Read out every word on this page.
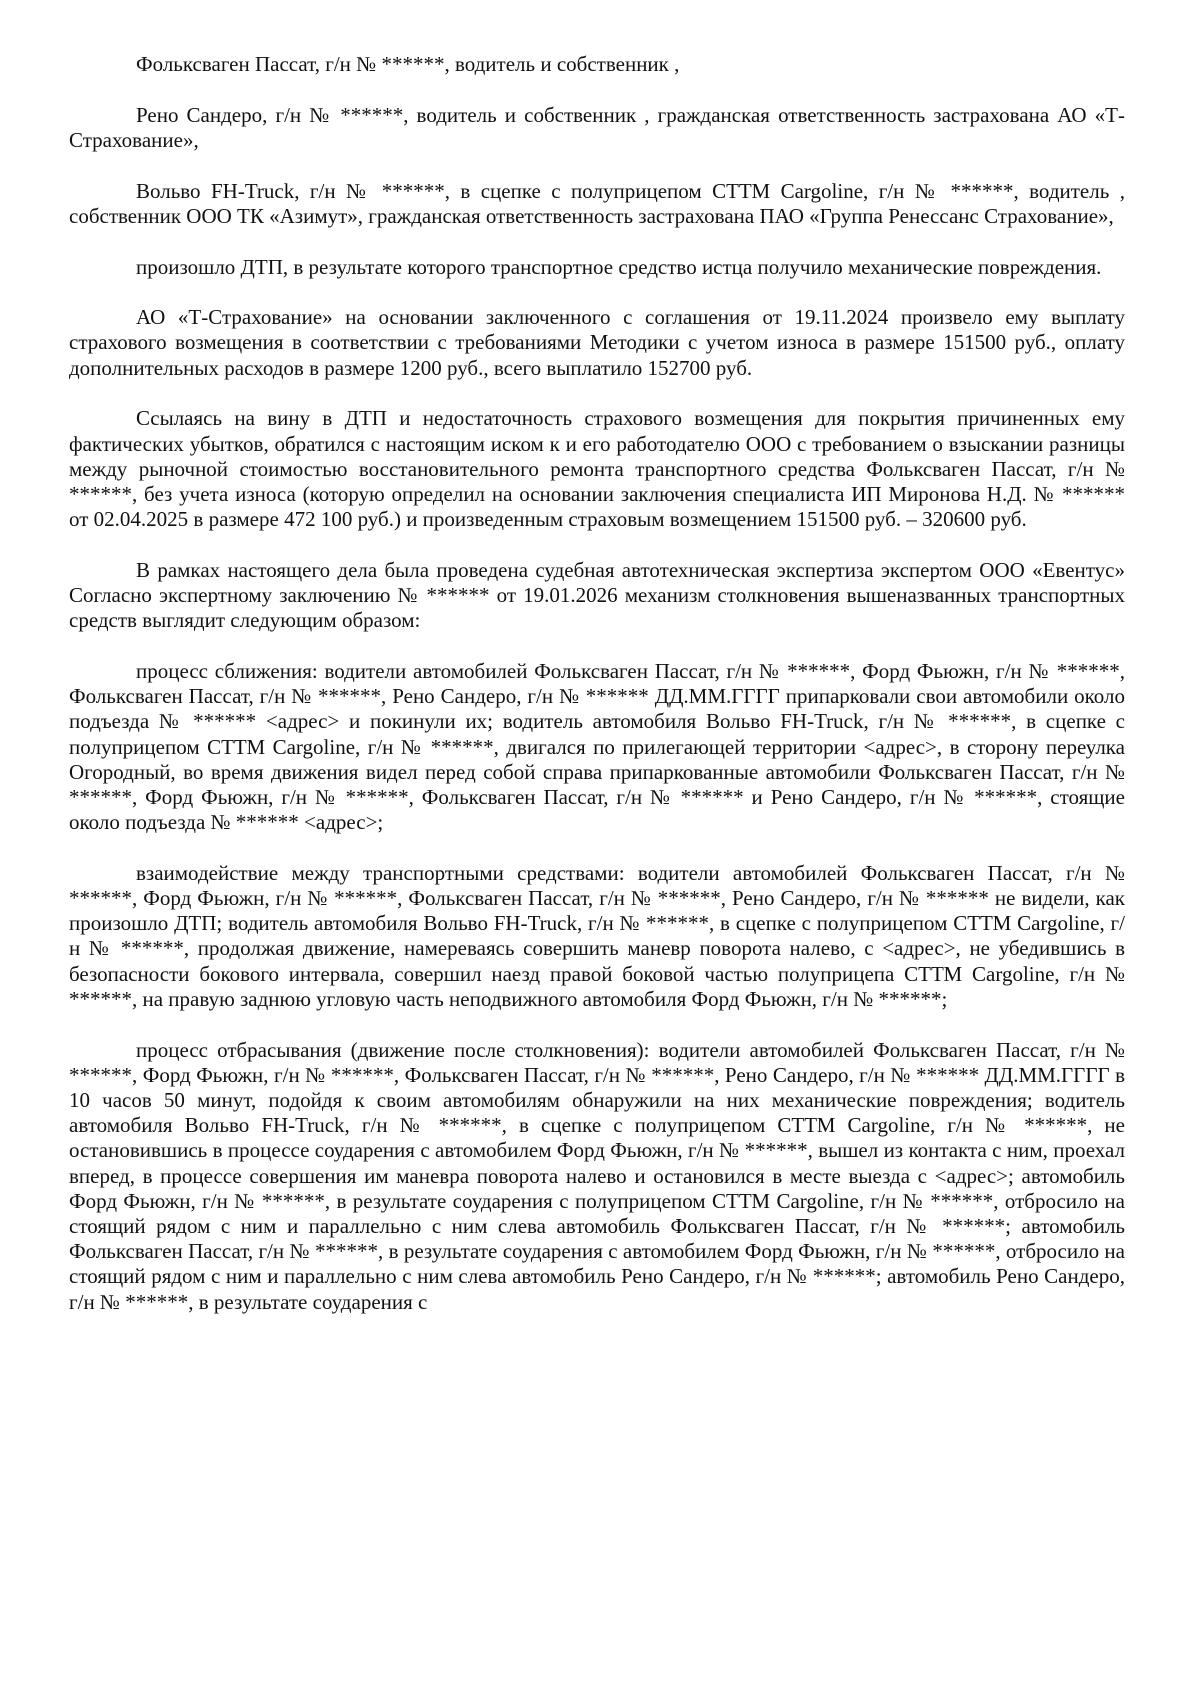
Фольксваген Пассат, г/н № ******, водитель и собственник ,

Рено Сандеро, г/н № ******, водитель и собственник , гражданская ответственность застрахована АО «Т-Страхование»,

Вольво FH-Truck, г/н № ******, в сцепке с полуприцепом СТТМ Cargoline, г/н № ******, водитель , собственник ООО ТК «Азимут», гражданская ответственность застрахована ПАО «Группа Ренессанс Страхование»,

произошло ДТП, в результате которого транспортное средство истца получило механические повреждения.

АО «Т-Страхование» на основании заключенного с соглашения от 19.11.2024 произвело ему выплату страхового возмещения в соответствии с требованиями Методики с учетом износа в размере 151500 руб., оплату дополнительных расходов в размере 1200 руб., всего выплатило 152700 руб.

Ссылаясь на вину в ДТП и недостаточность страхового возмещения для покрытия причиненных ему фактических убытков, обратился с настоящим иском к и его работодателю ООО с требованием о взыскании разницы между рыночной стоимостью восстановительного ремонта транспортного средства Фольксваген Пассат, г/н № ******, без учета износа (которую определил на основании заключения специалиста ИП Миронова Н.Д. № ****** от 02.04.2025 в размере 472 100 руб.) и произведенным страховым возмещением 151500 руб. – 320600 руб.

В рамках настоящего дела была проведена судебная автотехническая экспертиза экспертом ООО «Евентус» Согласно экспертному заключению № ****** от 19.01.2026 механизм столкновения вышеназванных транспортных средств выглядит следующим образом:

процесс сближения: водители автомобилей Фольксваген Пассат, г/н № ******, Форд Фьюжн, г/н № ******, Фольксваген Пассат, г/н № ******, Рено Сандеро, г/н № ****** ДД.ММ.ГГГГ припарковали свои автомобили около подъезда № ****** <адрес> и покинули их; водитель автомобиля Вольво FH-Truck, г/н № ******, в сцепке с полуприцепом СТТМ Cargoline, г/н № ******, двигался по прилегающей территории <адрес>, в сторону переулка Огородный, во время движения видел перед собой справа припаркованные автомобили Фольксваген Пассат, г/н № ******, Форд Фьюжн, г/н № ******, Фольксваген Пассат, г/н № ****** и Рено Сандеро, г/н № ******, стоящие около подъезда № ****** <адрес>;

взаимодействие между транспортными средствами: водители автомобилей Фольксваген Пассат, г/н № ******, Форд Фьюжн, г/н № ******, Фольксваген Пассат, г/н № ******, Рено Сандеро, г/н № ****** не видели, как произошло ДТП; водитель автомобиля Вольво FH-Truck, г/н № ******, в сцепке с полуприцепом СТТМ Cargoline, г/н № ******, продолжая движение, намереваясь совершить маневр поворота налево, с <адрес>, не убедившись в безопасности бокового интервала, совершил наезд правой боковой частью полуприцепа СТТМ Cargoline, г/н № ******, на правую заднюю угловую часть неподвижного автомобиля Форд Фьюжн, г/н № ******;

процесс отбрасывания (движение после столкновения): водители автомобилей Фольксваген Пассат, г/н № ******, Форд Фьюжн, г/н № ******, Фольксваген Пассат, г/н № ******, Рено Сандеро, г/н № ****** ДД.ММ.ГГГГ в 10 часов 50 минут, подойдя к своим автомобилям обнаружили на них механические повреждения; водитель автомобиля Вольво FH-Truck, г/н № ******, в сцепке с полуприцепом СТТМ Cargoline, г/н № ******, не остановившись в процессе соударения с автомобилем Форд Фьюжн, г/н № ******, вышел из контакта с ним, проехал вперед, в процессе совершения им маневра поворота налево и остановился в месте выезда с <адрес>; автомобиль Форд Фьюжн, г/н № ******, в результате соударения с полуприцепом СТТМ Cargoline, г/н № ******, отбросило на стоящий рядом с ним и параллельно с ним слева автомобиль Фольксваген Пассат, г/н № ******; автомобиль Фольксваген Пассат, г/н № ******, в результате соударения с автомобилем Форд Фьюжн, г/н № ******, отбросило на стоящий рядом с ним и параллельно с ним слева автомобиль Рено Сандеро, г/н № ******; автомобиль Рено Сандеро, г/н № ******, в результате соударения с
